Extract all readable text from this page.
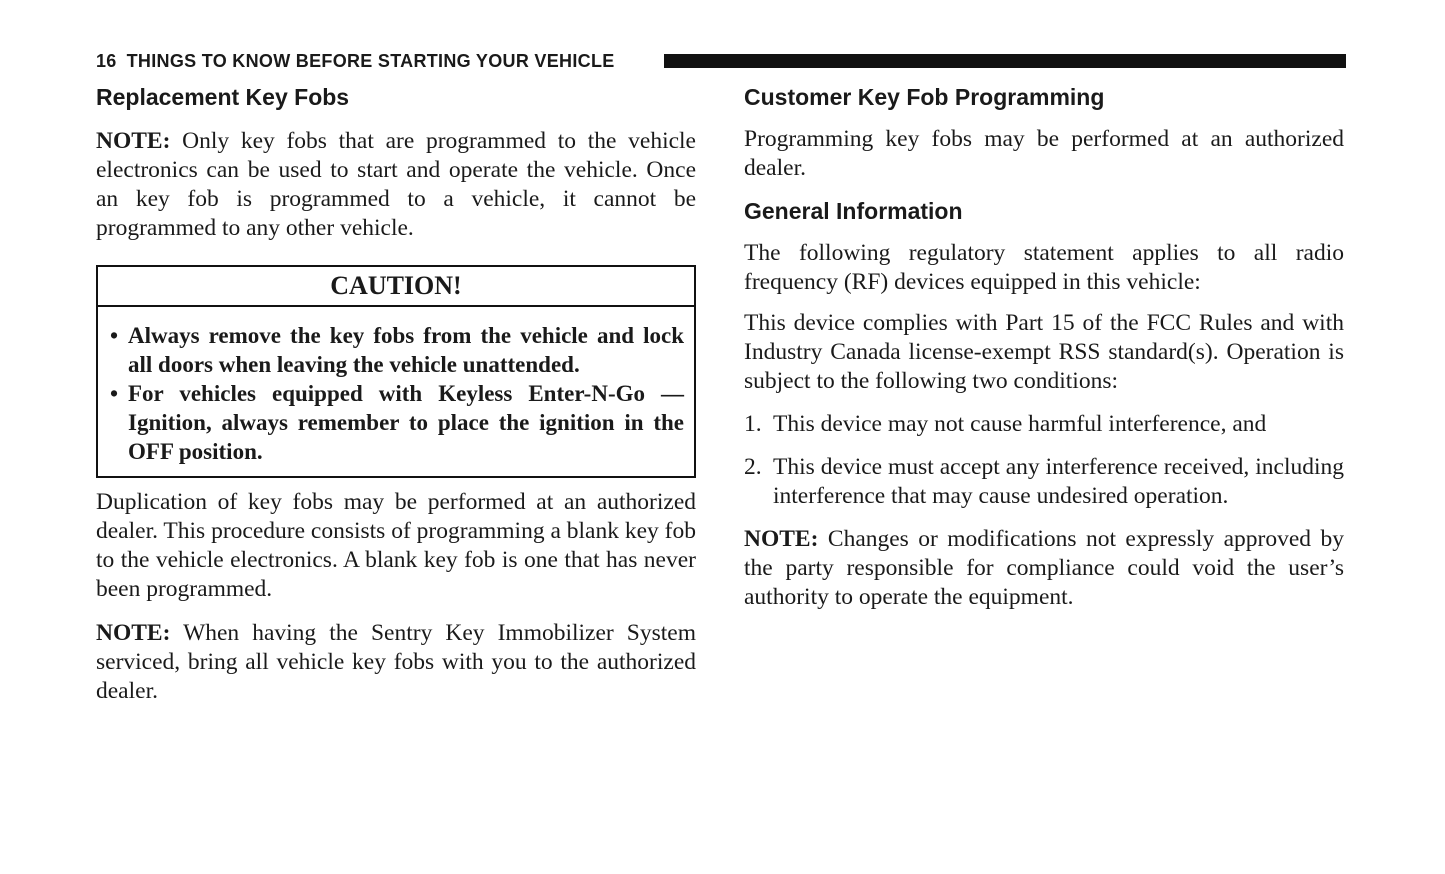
16 THINGS TO KNOW BEFORE STARTING YOUR VEHICLE
Replacement Key Fobs

NOTE: Only key fobs that are programmed to the vehicle electronics can be used to start and operate the vehicle. Once an key fob is programmed to a vehicle, it cannot be programmed to any other vehicle.

CAUTION!
• Always remove the key fobs from the vehicle and lock all doors when leaving the vehicle unattended.
• For vehicles equipped with Keyless Enter-N-Go — Ignition, always remember to place the ignition in the OFF position.

Duplication of key fobs may be performed at an authorized dealer. This procedure consists of programming a blank key fob to the vehicle electronics. A blank key fob is one that has never been programmed.

NOTE: When having the Sentry Key Immobilizer System serviced, bring all vehicle key fobs with you to the authorized dealer.

Customer Key Fob Programming

Programming key fobs may be performed at an authorized dealer.

General Information

The following regulatory statement applies to all radio frequency (RF) devices equipped in this vehicle:

This device complies with Part 15 of the FCC Rules and with Industry Canada license-exempt RSS standard(s). Operation is subject to the following two conditions:

1. This device may not cause harmful interference, and
2. This device must accept any interference received, including interference that may cause undesired operation.

NOTE: Changes or modifications not expressly approved by the party responsible for compliance could void the user’s authority to operate the equipment.
